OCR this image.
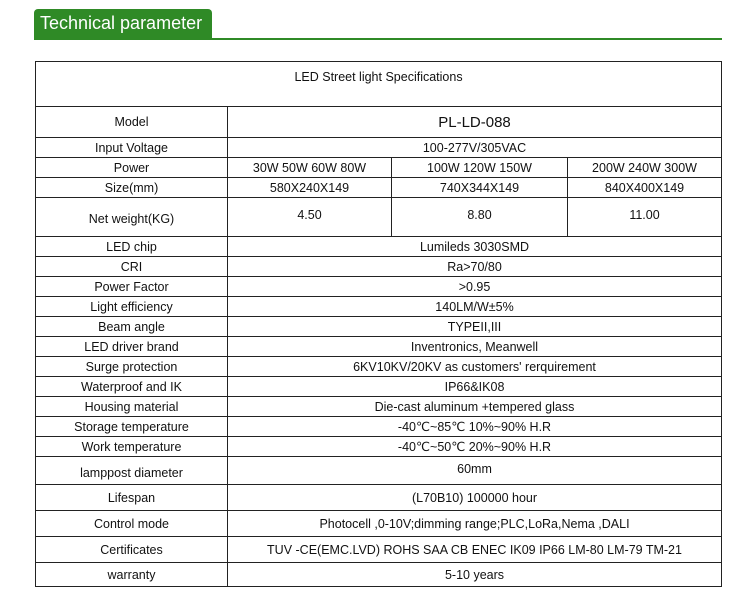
Technical parameter
LED Street light Specifications			

Model	PL-LD-088		
Input Voltage	100-277V/305VAC		
Power	30W 50W 60W 80W	100W 120W 150W	200W 240W 300W
Size(mm)	580X240X149	740X344X149	840X400X149
Net weight(KG)	4.50	8.80	11.00
LED chip	Lumileds 3030SMD		
CRI	Ra>70/80		
Power Factor	>0.95		
Light efficiency	140LM/W±5%		
Beam angle	TYPEII,III		
LED driver brand	Inventronics, Meanwell		
Surge protection	6KV10KV/20KV as customers' rerquirement		
Waterproof and IK	IP66&IK08		
Housing material	Die-cast aluminum +tempered glass		
Storage temperature	-40℃~85℃ 10%~90% H.R		
Work temperature	-40℃~50℃ 20%~90% H.R		
lamppost diameter	60mm		
Lifespan	(L70B10) 100000 hour		
Control mode	Photocell ,0-10V;dimming range;PLC,LoRa,Nema ,DALI		
Certificates	TUV -CE(EMC.LVD) ROHS SAA CB ENEC IK09 IP66 LM-80 LM-79 TM-21		
warranty	5-10 years		
